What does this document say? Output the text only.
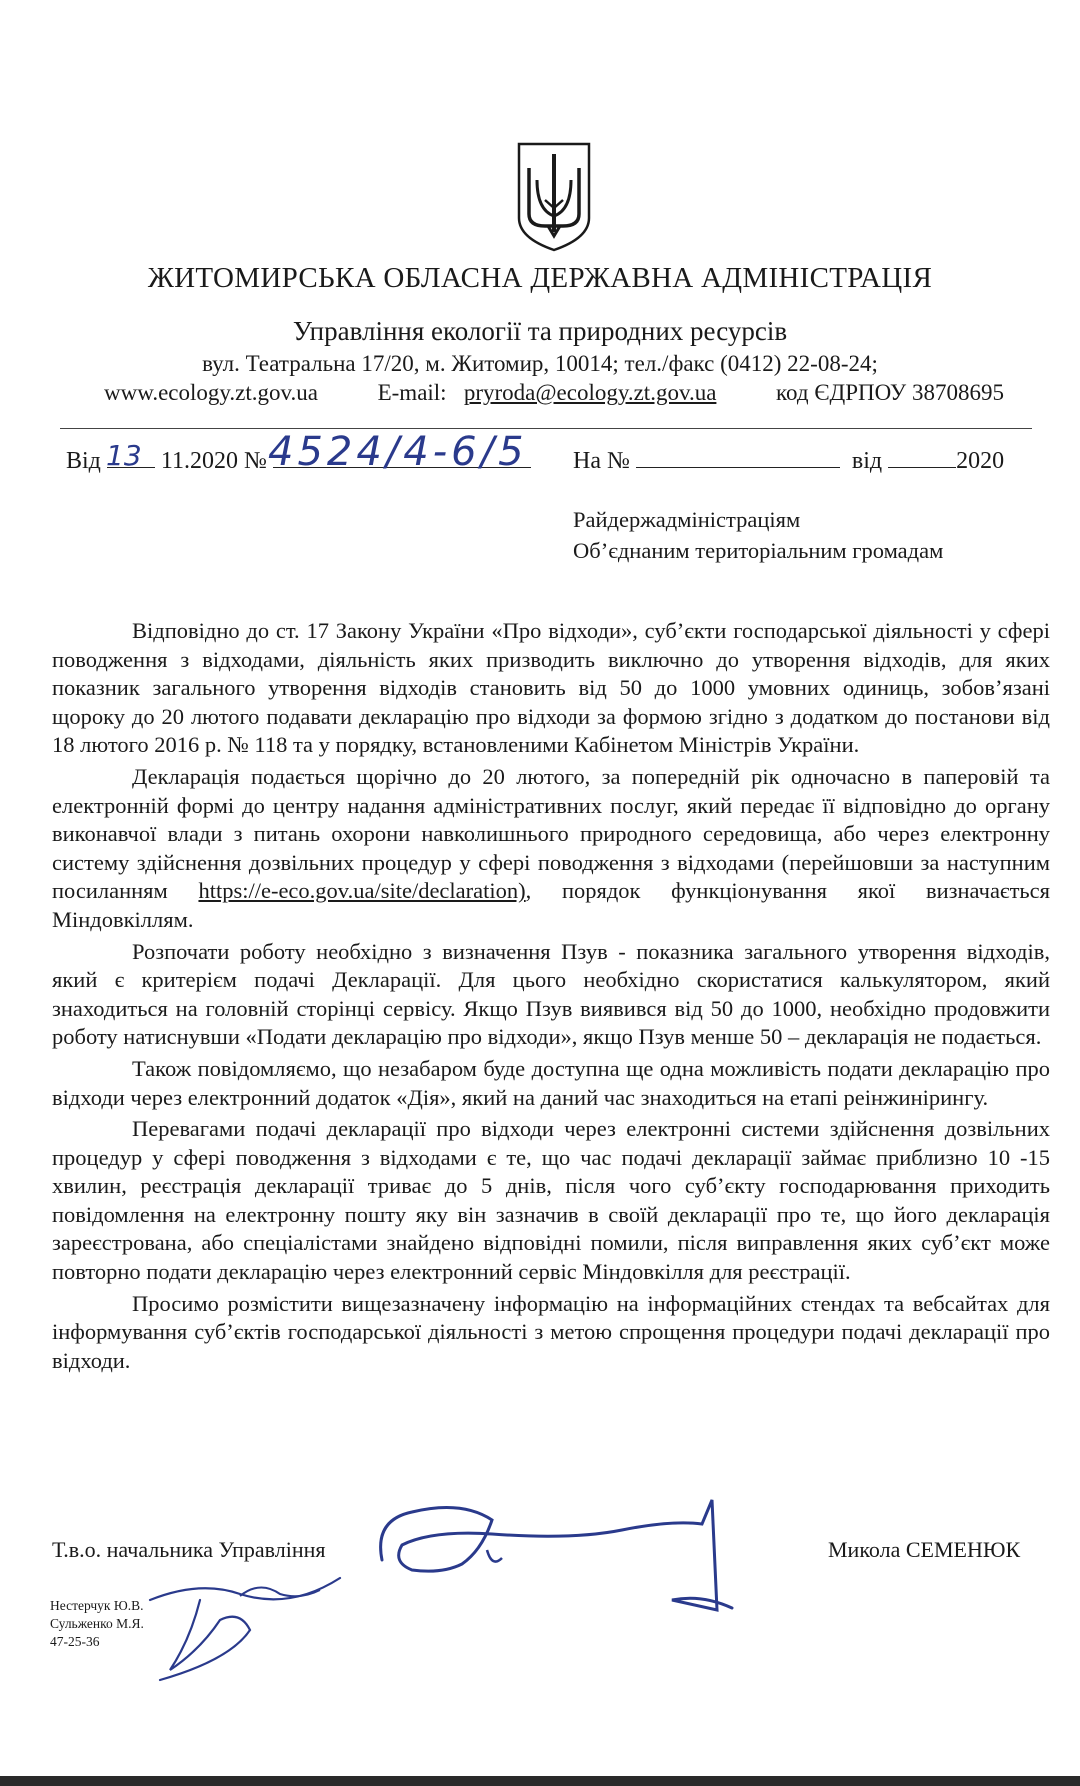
ЖИТОМИРСЬКА ОБЛАСНА ДЕРЖАВНА АДМІНІСТРАЦІЯ
Управління екології та природних ресурсів
вул. Театральна 17/20, м. Житомир, 10014; тел./факс (0412) 22-08-24;
www.ecology.zt.gov.ua	E-mail: pryroda@ecology.zt.gov.ua	код ЄДРПОУ 38708695
Від	11.2020 №
13	4524/4-6/5 На №	від	2020
Райдержадміністраціям
Об’єднаним територіальним громадам

Відповідно до ст. 17 Закону України «Про відходи», суб’єкти господарської діяльності у сфері поводження з відходами, діяльність яких призводить виключно до утворення відходів, для яких показник загального утворення відходів становить від 50 до 1000 умовних одиниць, зобов’язані щороку до 20 лютого подавати декларацію про відходи за формою згідно з додатком до постанови від 18 лютого 2016 р. № 118 та у порядку, встановленими Кабінетом Міністрів України.

Декларація подається щорічно до 20 лютого, за попередній рік одночасно в паперовій та електронній формі до центру надання адміністративних послуг, який передає її відповідно до органу виконавчої влади з питань охорони навколишнього природного середовища, або через електронну систему здійснення дозвільних процедур у сфері поводження з відходами (перейшовши за наступним посиланням https://e-eco.gov.ua/site/declaration), порядок функціонування якої визначається Міндовкіллям.

Розпочати роботу необхідно з визначення Пзув - показника загального утворення відходів, який є критерієм подачі Декларації. Для цього необхідно скористатися калькулятором, який знаходиться на головній сторінці сервісу. Якщо Пзув виявився від 50 до 1000, необхідно продовжити роботу натиснувши «Подати декларацію про відходи», якщо Пзув менше 50 – декларація не подається.

Також повідомляємо, що незабаром буде доступна ще одна можливість подати декларацію про відходи через електронний додаток «Дія», який на даний час знаходиться на етапі реінжинірингу.

Перевагами подачі декларації про відходи через електронні системи здійснення дозвільних процедур у сфері поводження з відходами є те, що час подачі декларації займає приблизно 10 -15 хвилин, реєстрація декларації триває до 5 днів, після чого суб’єкту господарювання приходить повідомлення на електронну пошту яку він зазначив в своїй декларації про те, що його декларація зареєстрована, або спеціалістами знайдено відповідні помили, після виправлення яких суб’єкт може повторно подати декларацію через електронний сервіс Міндовкілля для реєстрації.

Просимо розмістити вищезазначену інформацію на інформаційних стендах та вебсайтах для інформування суб’єктів господарської діяльності з метою спрощення процедури подачі декларації про відходи.

Т.в.о. начальника Управління	Микола СЕМЕНЮК
Нестерчук Ю.В.
Сульженко М.Я.
47-25-36
